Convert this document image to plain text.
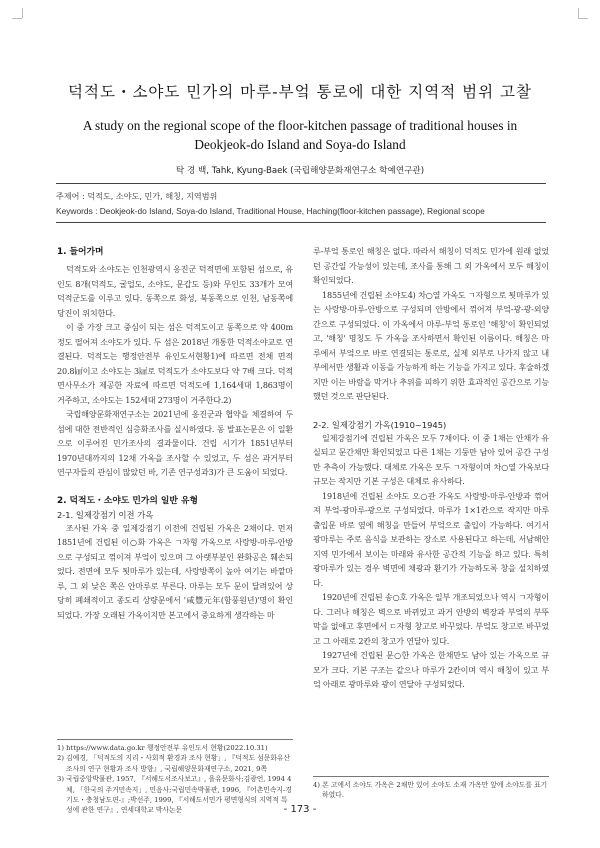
덕적도・소야도 민가의 마루-부엌 통로에 대한 지역적 범위 고찰
A study on the regional scope of the floor-kitchen passage of traditional houses in
Deokjeok-do Island and Soya-do Island
탁 경 백, Tahk, Kyung-Baek (국립해양문화재연구소 학예연구관)
주제어 : 덕적도, 소야도, 민가, 해칭, 지역범위
Keywords : Deokjeok-do Island, Soya-do Island, Traditional House, Haching(floor-kitchen passage), Regional scope

1. 들어가며

덕적도와 소야도는 인천광역시 옹진군 덕적면에 포함된 섬으로, 유인도 8개(덕적도, 굴업도, 소야도, 문갑도 등)와 무인도 33개가 모여 덕적군도를 이루고 있다. 동쪽으로 화성, 북동쪽으로 인천, 남동쪽에 당진이 위치한다.

이 중 가장 크고 중심이 되는 섬은 덕적도이고 동쪽으로 약 400m 정도 떨어져 소야도가 있다. 두 섬은 2018년 개통한 덕적소야교로 연결된다. 덕적도는 행정안전부 유인도서현황1)에 따르면 전체 면적 20.8㎢이고 소야도는 3㎢로 덕적도가 소야도보다 약 7배 크다. 덕적면사무소가 제공한 자료에 따르면 덕적도에 1,164세대 1,863명이 거주하고, 소야도는 152세대 273명이 거주한다.2)

국립해양문화재연구소는 2021년에 옹진군과 협약을 체결하여 두 섬에 대한 전반적인 심층화조사를 실시하였다. 동 발표논문은 이 일환으로 이루어진 민가조사의 결과물이다. 건립 시기가 1851년부터 1970년대까지의 12채 가옥을 조사할 수 있었고, 두 섬은 과거부터 연구자들의 관심이 많았던 바, 기존 연구성과3)가 큰 도움이 되었다.

2. 덕적도・소야도 민가의 일반 유형

2-1. 일제강점기 이전 가옥

조사된 가옥 중 일제강점기 이전에 건립된 가옥은 2채이다. 먼저 1851년에 건립된 이○화 가옥은 ㄱ자형 가옥으로 사랑방-마루-안방으로 구성되고 꺾이져 부엌이 있으며 그 아랫부분인 완화공은 훼손되었다. 전면에 모두 툇마루가 있는데, 사랑방쪽이 높아 여기는 바깥마루, 그 외 낮은 쪽은 안마루로 부른다. 마루는 모두 문이 달려있어 상당히 폐쇄적이고 종도리 상량문에서 '咸豐元年(함풍원년)'명이 확인되었다. 가장 오래된 가옥이지만 본고에서 중요하게 생각하는 마

루-부엌 통로인 해칭은 없다. 따라서 해칭이 덕적도 민가에 원래 없었던 공간일 가능성이 있는데, 조사를 통해 그 외 가옥에서 모두 해칭이 확인되었다.

1855년에 건립된 소야도4) 차○열 가옥도 ㄱ자형으로 툇마루가 있는 사랑방-마루-안방으로 구성되며 안방에서 꺾어져 부엌-광-광-외양간으로 구성되었다. 이 가옥에서 마루-부엌 통로인 '해칭'이 확인되었고, '해칭' 명칭도 두 가옥을 조사하면서 확인된 이름이다. 해칭은 마루에서 부엌으로 바로 연결되는 통로로, 실제 외부로 나가지 않고 내부에서만 생활과 이동을 가능하게 하는 기능을 가지고 있다. 후술하겠지만 이는 바람을 막거나 추위를 피하기 위한 효과적인 공간으로 기능했던 것으로 판단된다.

2-2. 일제강점기 가옥(1910~1945)

일제강점기에 건립된 가옥은 모두 7채이다. 이 중 1채는 안채가 유실되고 문간채만 확인되었고 다른 1채는 기둥만 남아 있어 공간 구성만 추측이 가능했다. 대체로 가옥은 모두 ㄱ자형이며 차○열 가옥보다 규모는 작지만 기본 구성은 대체로 유사하다.

1918년에 건립된 소야도 오○관 가옥도 사랑방-마루-안방과 꺾어져 부엌-광마루-광으로 구성되었다. 마루가 1×1칸으로 작지만 마루 출입문 바로 옆에 해칭을 만들어 부엌으로 출입이 가능하다. 여기서 광마루는 주로 음식을 보관하는 장소로 사용된다고 하는데, 서남해안 지역 민가에서 보이는 마래와 유사한 공간적 기능을 하고 있다. 특히 광마루가 있는 경우 벽면에 채광과 환기가 가능하도록 창을 설치하였다.

1920년에 건립된 송○호 가옥은 일부 개조되었으나 역시 ㄱ자형이다. 그러나 해칭은 벽으로 바뀌었고 과거 안방의 벽장과 부엌의 부뚜막을 없애고 후면에서 ㄷ자형 창고로 바꾸었다. 부엌도 창고로 바꾸었고 그 아래로 2칸의 창고가 연달아 있다.

1927년에 건립된 문○한 가옥은 한채만도 남아 있는 가옥으로 규모가 크다. 기본 구조는 같으나 마루가 2칸이며 역시 해칭이 있고 부엌 아래로 광마루와 광이 연달아 구성되었다.

1) https://www.data.go.kr 행정안전부 유인도서 현황(2022.10.31)

2) 김예경, 「덕적도의 지리・사회적 환경과 조사 현황」, 『덕적도 섬문화유산조사의 연구 현황과 조사 방향』, 국립해양문화재연구소, 2021, 9쪽

3) 국립중앙박물관, 1957, 『서해도서조사보고』, 을유문화사;김광언, 1994 4체, 「한국의 주거민속지」, 민음사;국립민속박물관, 1996, 『어촌민속지-경기도・충청남도편-』;박선주, 1999, 『서해도서민가 평면형식의 지역적 특성에 관한 연구』, 연세대학교 박사논문

4) 본 고에서 소야도 가옥은 2채만 있어 소야도 소재 가옥만 앞에 소야도를 표기하였다.

- 173 -
